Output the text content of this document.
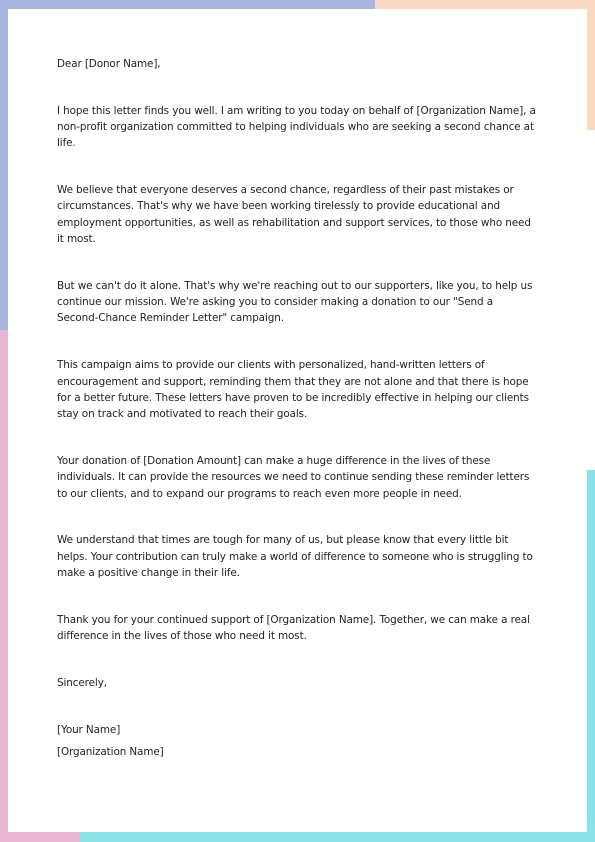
Dear [Donor Name],

I hope this letter finds you well. I am writing to you today on behalf of [Organization Name], a non-profit organization committed to helping individuals who are seeking a second chance at life.

We believe that everyone deserves a second chance, regardless of their past mistakes or circumstances. That's why we have been working tirelessly to provide educational and employment opportunities, as well as rehabilitation and support services, to those who need it most.

But we can't do it alone. That's why we're reaching out to our supporters, like you, to help us continue our mission. We're asking you to consider making a donation to our "Send a Second-Chance Reminder Letter" campaign.

This campaign aims to provide our clients with personalized, hand-written letters of encouragement and support, reminding them that they are not alone and that there is hope for a better future. These letters have proven to be incredibly effective in helping our clients stay on track and motivated to reach their goals.

Your donation of [Donation Amount] can make a huge difference in the lives of these individuals. It can provide the resources we need to continue sending these reminder letters to our clients, and to expand our programs to reach even more people in need.

We understand that times are tough for many of us, but please know that every little bit helps. Your contribution can truly make a world of difference to someone who is struggling to make a positive change in their life.

Thank you for your continued support of [Organization Name]. Together, we can make a real difference in the lives of those who need it most.

Sincerely,

[Your Name]

[Organization Name]
